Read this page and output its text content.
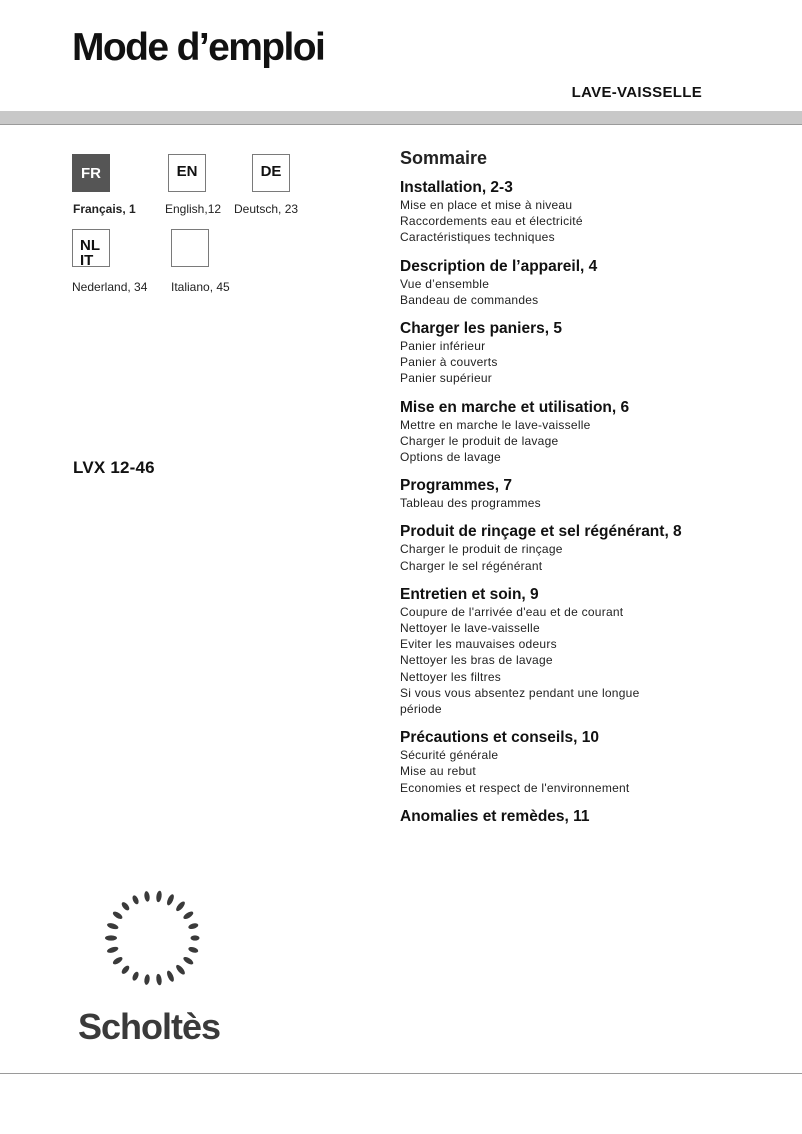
Mode d’emploi
LAVE-VAISSELLE
FR	EN	DE
NL IT
Français, 1 English,12 Deutsch, 23
Nederland, 34 Italiano, 45
LVX 12-46
Sommaire
Installation, 2-3
Mise en place et mise à niveau
Raccordements eau et électricité
Caractéristiques techniques
Description de l’appareil, 4
Vue d’ensemble
Bandeau de commandes
Charger les paniers, 5
Panier inférieur
Panier à couverts
Panier supérieur
Mise en marche et utilisation, 6
Mettre en marche le lave-vaisselle
Charger le produit de lavage
Options de lavage
Programmes, 7
Tableau des programmes
Produit de rinçage et sel régénérant, 8
Charger le produit de rinçage
Charger le sel régénérant
Entretien et soin, 9
Coupure de l'arrivée d'eau et de courant
Nettoyer le lave-vaisselle
Eviter les mauvaises odeurs
Nettoyer les bras de lavage
Nettoyer les filtres
Si vous vous absentez pendant une longue
période
Précautions et conseils, 10
Sécurité générale
Mise au rebut
Economies et respect de l'environnement
Anomalies et remèdes, 11
Scholtès
